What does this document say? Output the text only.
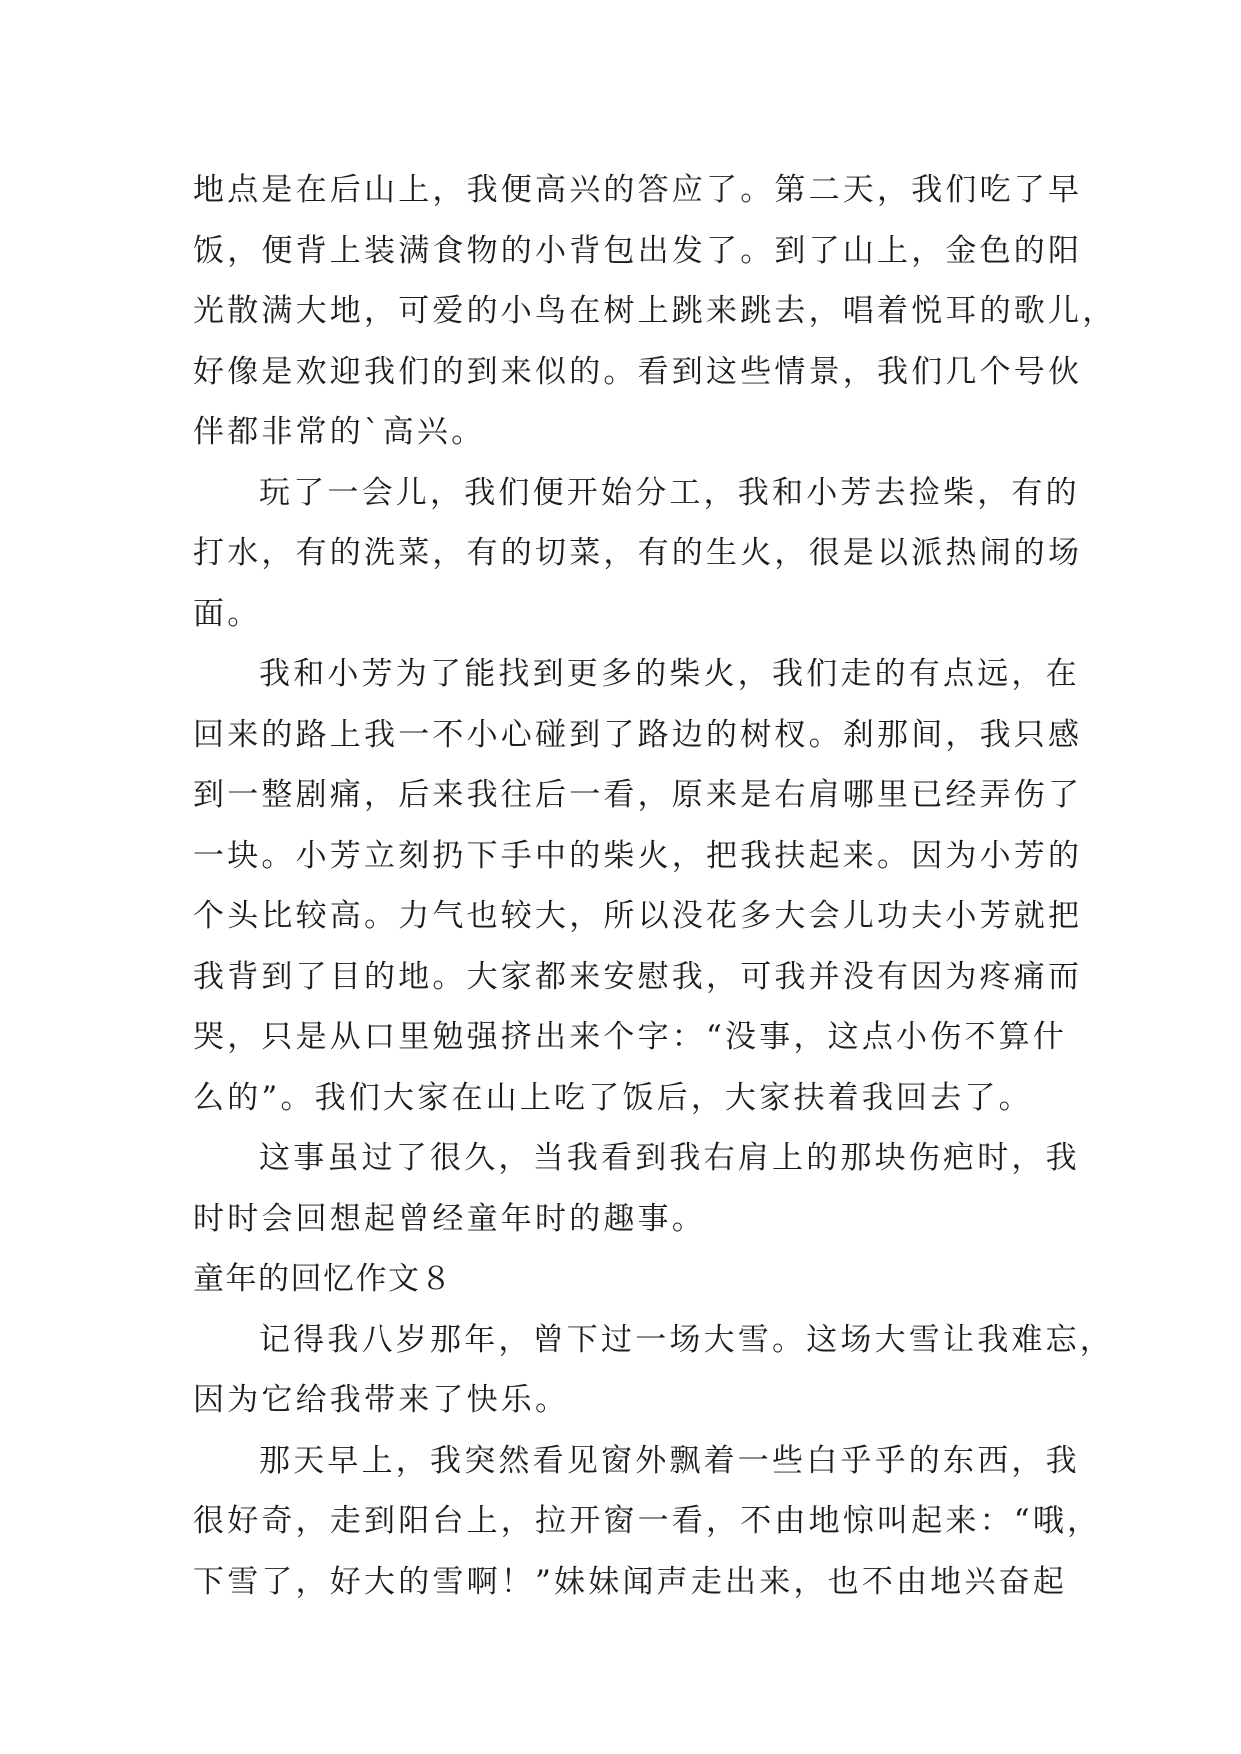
地点是在后山上，我便高兴的答应了。第二天，我们吃了早
饭，便背上装满食物的小背包出发了。到了山上，金色的阳
光散满大地，可爱的小鸟在树上跳来跳去，唱着悦耳的歌儿，
好像是欢迎我们的到来似的。看到这些情景，我们几个号伙
伴都非常的`高兴。
玩了一会儿，我们便开始分工，我和小芳去捡柴，有的
打水，有的洗菜，有的切菜，有的生火，很是以派热闹的场
面。
我和小芳为了能找到更多的柴火，我们走的有点远，在
回来的路上我一不小心碰到了路边的树杈。刹那间，我只感
到一整剧痛，后来我往后一看，原来是右肩哪里已经弄伤了
一块。小芳立刻扔下手中的柴火，把我扶起来。因为小芳的
个头比较高。力气也较大，所以没花多大会儿功夫小芳就把
我背到了目的地。大家都来安慰我，可我并没有因为疼痛而
哭，只是从口里勉强挤出来个字：“没事，这点小伤不算什
么的”。我们大家在山上吃了饭后，大家扶着我回去了。
这事虽过了很久，当我看到我右肩上的那块伤疤时，我
时时会回想起曾经童年时的趣事。
童年的回忆作文８
记得我八岁那年，曾下过一场大雪。这场大雪让我难忘，
因为它给我带来了快乐。
那天早上，我突然看见窗外飘着一些白乎乎的东西，我
很好奇，走到阳台上，拉开窗一看，不由地惊叫起来：“哦，
下雪了，好大的雪啊！”妹妹闻声走出来，也不由地兴奋起
